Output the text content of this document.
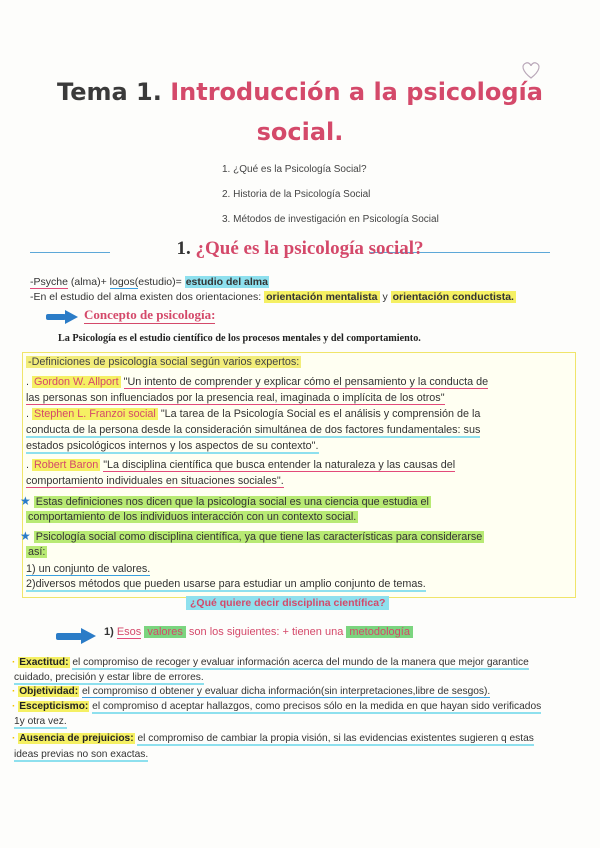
Tema 1. Introducción a la psicología
social.
1. ¿Qué es la Psicología Social?
2. Historia de la Psicología Social
3. Métodos de investigación en Psicología Social
1. ¿Qué es la psicología social?
-Psyche (alma)+ logos(estudio)= estudio del alma
-En el estudio del alma existen dos orientaciones: orientación mentalista y orientación conductista.
Concepto de psicología:
La Psicología es el estudio científico de los procesos mentales y del comportamiento.
-Definiciones de psicología social según varios expertos:
. Gordon W. Allport "Un intento de comprender y explicar cómo el pensamiento y la conducta de
las personas son influenciados por la presencia real, imaginada o implícita de los otros"
. Stephen L. Franzoi social "La tarea de la Psicología Social es el análisis y comprensión de la
conducta de la persona desde la consideración simultánea de dos factores fundamentales: sus
estados psicológicos internos y los aspectos de su contexto".
. Robert Baron "La disciplina científica que busca entender la naturaleza y las causas del
comportamiento individuales en situaciones sociales".
★ Estas definiciones nos dicen que la psicología social es una ciencia que estudia el
comportamiento de los individuos interacción con un contexto social.
★ Psicología social como disciplina científica, ya que tiene las características para considerarse
así:
1) un conjunto de valores.
2)diversos métodos que pueden usarse para estudiar un amplio conjunto de temas.
¿Qué quiere decir disciplina científica?
1) Esos valores son los siguientes: + tienen una metodología
· Exactitud: el compromiso de recoger y evaluar información acerca del mundo de la manera que mejor garantice
cuidado, precisión y estar libre de errores.
· Objetividad: el compromiso d obtener y evaluar dicha información(sin interpretaciones,libre de sesgos).
· Escepticismo: el compromiso d aceptar hallazgos, como precisos sólo en la medida en que hayan sido verificados
1y otra vez.
· Ausencia de prejuicios: el compromiso de cambiar la propia visión, si las evidencias existentes sugieren q estas
ideas previas no son exactas.
